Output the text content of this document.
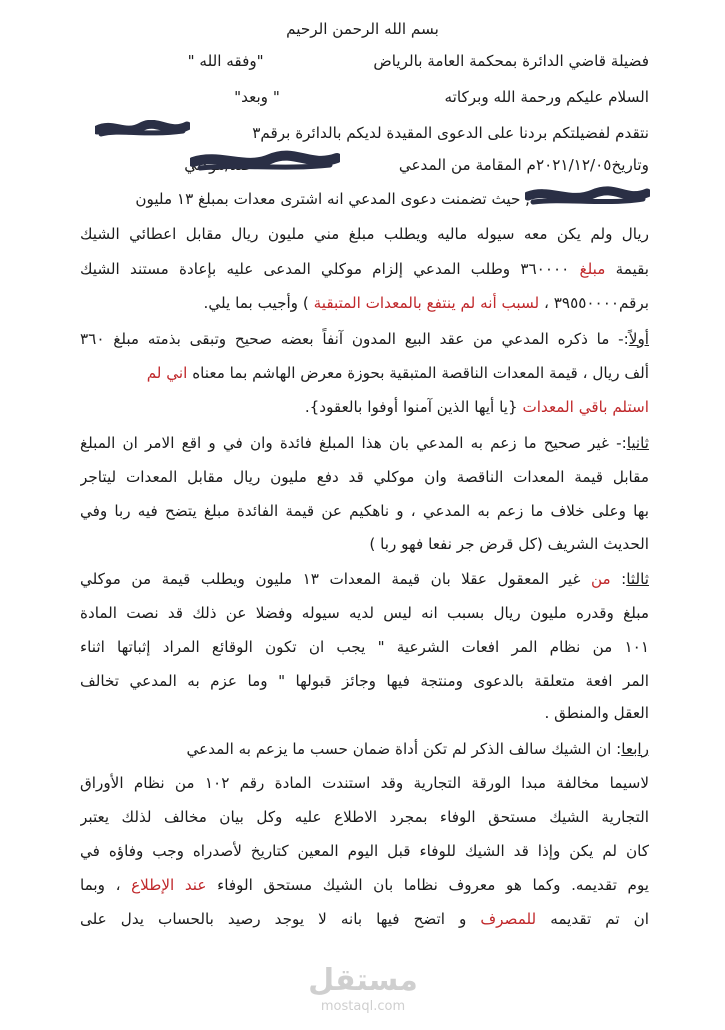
بسم الله الرحمن الرحيم
فضيلة قاضي الدائرة بمحكمة العامة بالرياض  "وفقه الله "
السلام عليكم ورحمة الله وبركاته  " وبعد"
نتقدم لفضيلتكم بردنا على الدعوى المقيدة لديكم بالدائرة برقم٣
وتاريخ٢٠٢١/١٢/٠٥م المقامة من المدعي  ضد/موكلي
, حيث تضمنت دعوى المدعي انه اشترى معدات بمبلغ ١٣ مليون
ريال ولم يكن معه سيوله ماليه ويطلب مبلغ مني مليون ريال مقابل اعطائي الشيك
بقيمة مبلغ ٣٦٠٠٠٠ وطلب المدعي إلزام موكلي المدعى عليه بإعادة مستند الشيك
برقم٣٩٥٥٠٠٠٠ ، لسبب أنه لم ينتفع بالمعدات المتبقية ) وأجيب بما يلي.
أولاً:- ما ذكره المدعي من عقد البيع المدون آنفاً بعضه صحيح وتبقى بذمته مبلغ ٣٦٠
ألف ريال ، قيمة المعدات الناقصة المتبقية بحوزة معرض الهاشم بما معناه اني لم
استلم باقي المعدات {يا أيها الذين آمنوا أوفوا بالعقود}.
ثانيا:- غير صحيح ما زعم به المدعي بان هذا المبلغ فائدة وان في و اقع الامر ان المبلغ
مقابل قيمة المعدات الناقصة وان موكلي قد دفع مليون ريال مقابل المعدات ليتاجر
بها وعلى خلاف ما زعم به المدعي ، و ناهكيم عن قيمة الفائدة مبلغ يتضح فيه ربا وفي
الحديث الشريف (كل قرض جر نفعا فهو ربا )
ثالثا: من غير المعقول عقلا بان قيمة المعدات ١٣ مليون ويطلب قيمة من موكلي
مبلغ وقدره مليون ريال بسبب انه ليس لديه سيوله وفضلا عن ذلك قد نصت المادة
١٠١ من نظام المر افعات الشرعية " يجب ان تكون الوقائع المراد إثباتها اثناء
المر افعة متعلقة بالدعوى ومنتجة فيها وجائز قبولها " وما عزم به المدعي تخالف
العقل والمنطق .
رابعا: ان الشيك سالف الذكر لم تكن أداة ضمان حسب ما يزعم به المدعي
لاسيما مخالفة مبدا الورقة التجارية وقد استندت المادة رقم ١٠٢ من نظام الأوراق
التجارية الشيك مستحق الوفاء بمجرد الاطلاع عليه وكل بيان مخالف لذلك يعتبر
كان لم يكن وإذا قد الشيك للوفاء قبل اليوم المعين كتاريخ لأصدراه وجب وفاؤه في
يوم تقديمه. وكما هو معروف نظاما بان الشيك مستحق الوفاء عند الإطلاع ، وبما
ان تم تقديمه للمصرف و اتضح فيها بانه لا يوجد رصيد بالحساب يدل على
مستقل
mostaql.com
